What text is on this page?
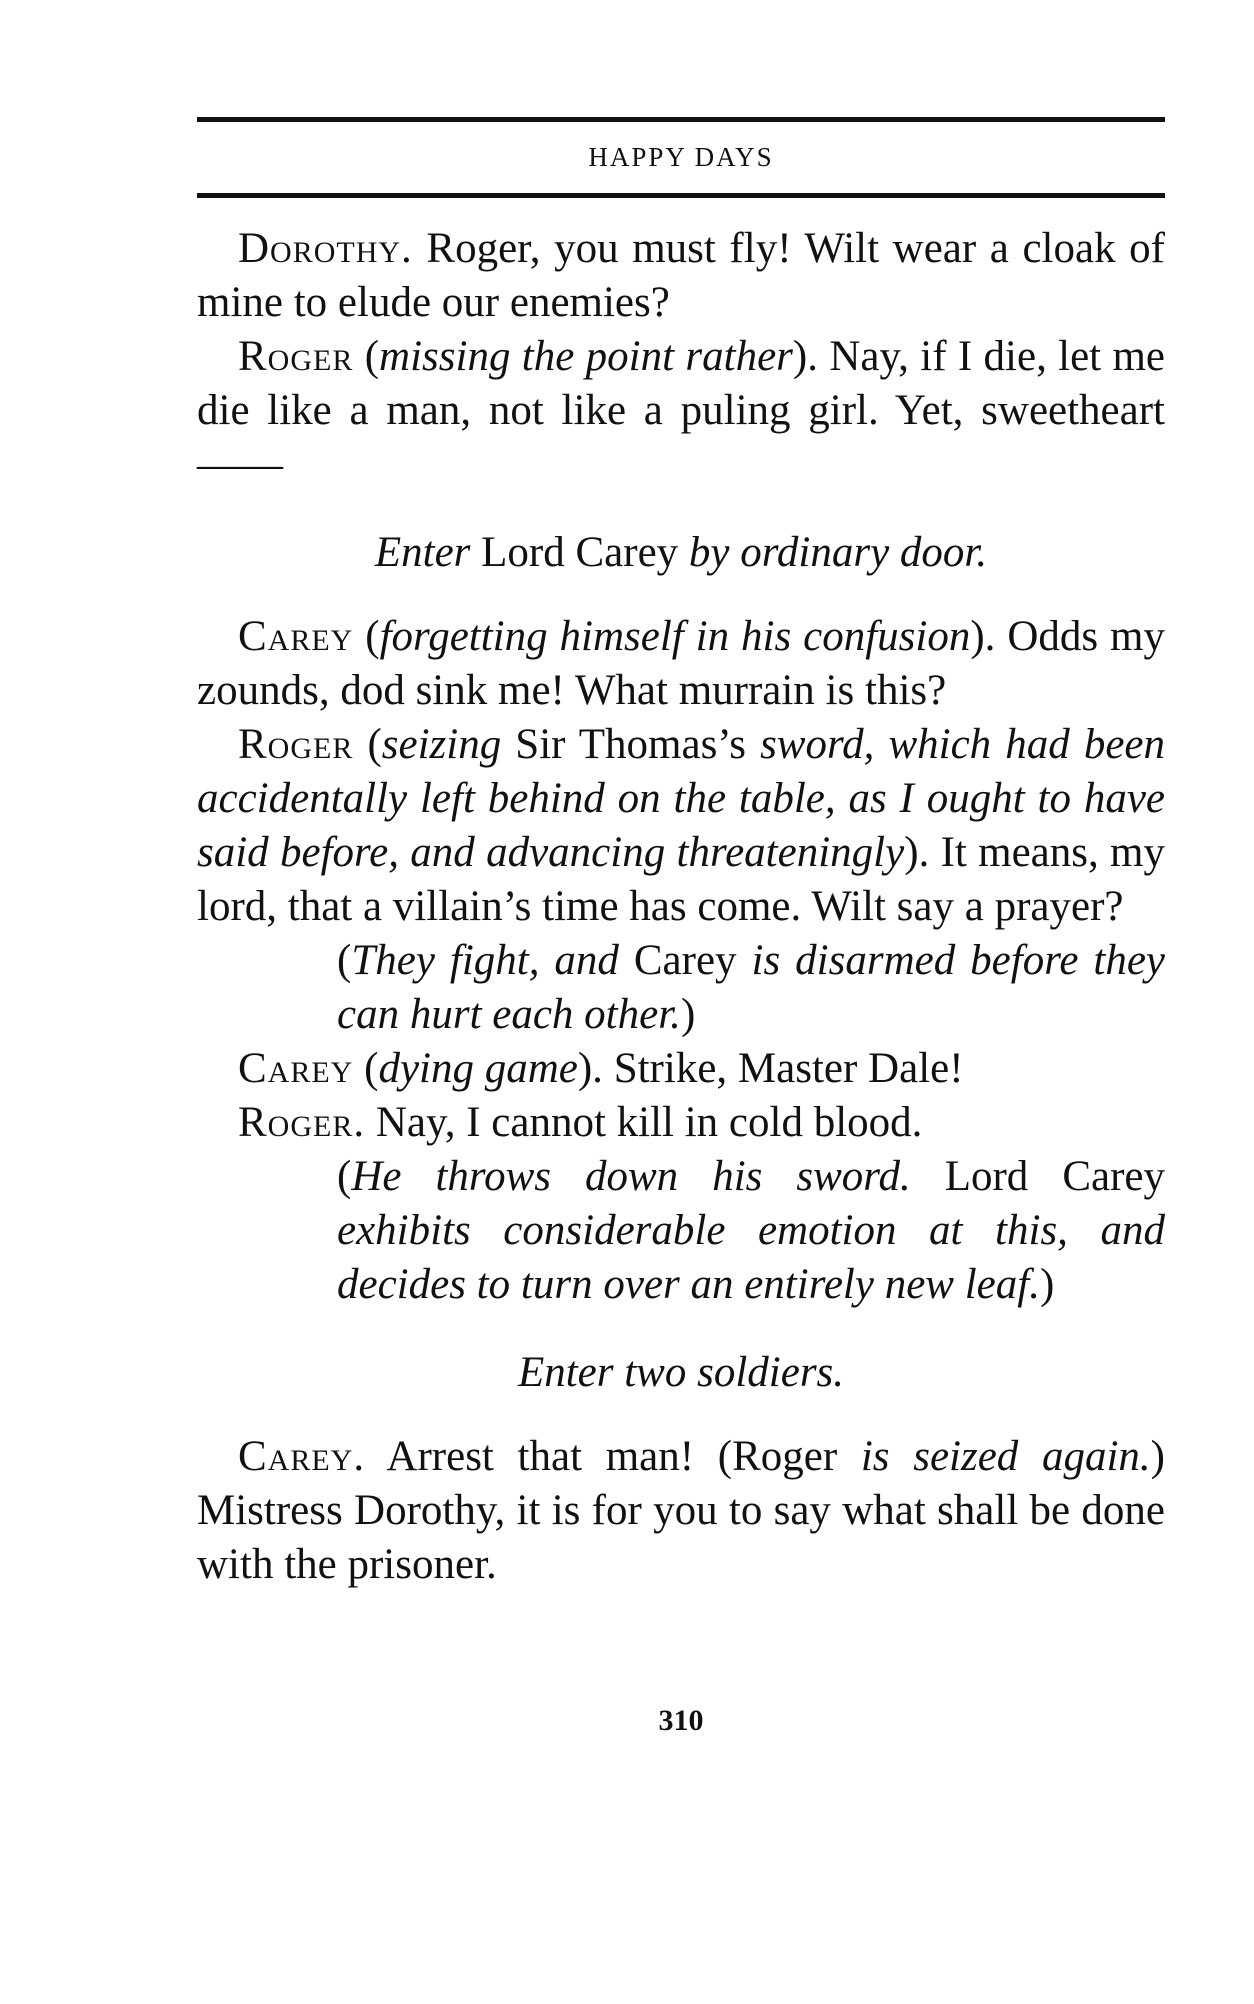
HAPPY DAYS

Dorothy. Roger, you must fly! Wilt wear a cloak of mine to elude our enemies?

Roger (missing the point rather). Nay, if I die, let me die like a man, not like a puling girl. Yet, sweetheart——

Enter Lord Carey by ordinary door.

Carey (forgetting himself in his confusion). Odds my zounds, dod sink me! What murrain is this?

Roger (seizing Sir Thomas’s sword, which had been accidentally left behind on the table, as I ought to have said before, and advancing threateningly). It means, my lord, that a villain’s time has come. Wilt say a prayer?

(They fight, and Carey is disarmed before they can hurt each other.)

Carey (dying game). Strike, Master Dale!

Roger. Nay, I cannot kill in cold blood.

(He throws down his sword. Lord Carey exhibits considerable emotion at this, and decides to turn over an entirely new leaf.)

Enter two soldiers.

Carey. Arrest that man! (Roger is seized again.) Mistress Dorothy, it is for you to say what shall be done with the prisoner.

310
